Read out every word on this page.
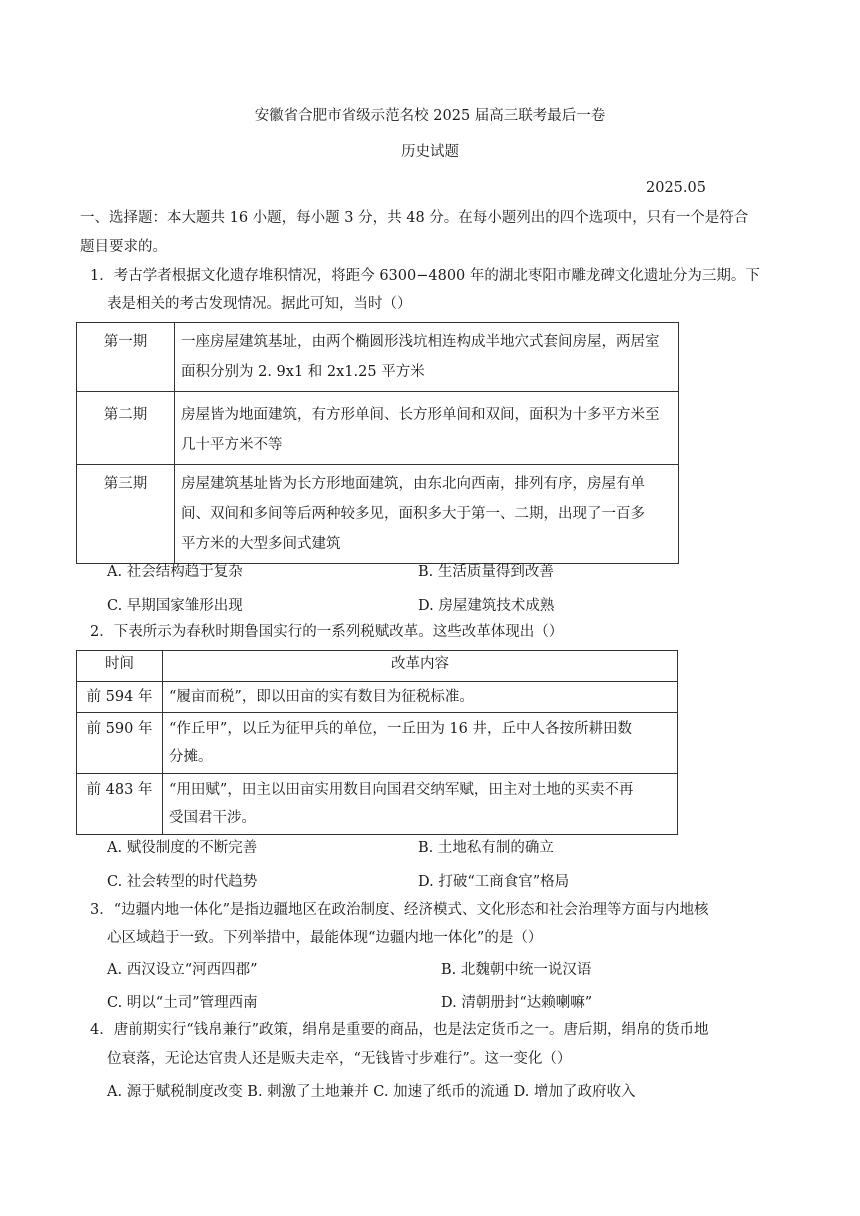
安徽省合肥市省级示范名校 2025 届高三联考最后一卷
历史试题
2025.05
一、选择题：本大题共 16 小题，每小题 3 分，共 48 分。在每小题列出的四个选项中，只有一个是符合
题目要求的。
1．考古学者根据文化遗存堆积情况，将距今 6300−4800 年的湖北枣阳市雕龙碑文化遗址分为三期。下
表是相关的考古发现情况。据此可知，当时（）
第一期	一座房屋建筑基址，由两个椭圆形浅坑相连构成半地穴式套间房屋，两居室
面积分别为 2. 9x1 和 2x1.25 平方米

第二期	房屋皆为地面建筑，有方形单间、长方形单间和双间，面积为十多平方米至
几十平方米不等

第三期	房屋建筑基址皆为长方形地面建筑，由东北向西南，排列有序，房屋有单
间、双间和多间等后两种较多见，面积多大于第一、二期，出现了一百多
平方米的大型多间式建筑
A. 社会结构趋于复杂	B. 生活质量得到改善
C. 早期国家雏形出现	D. 房屋建筑技术成熟
2．下表所示为春秋时期鲁国实行的一系列税赋改革。这些改革体现出（）
时间	改革内容

前 594 年	“履亩而税”，即以田亩的实有数目为征税标准。

前 590 年	“作丘甲”，以丘为征甲兵的单位，一丘田为 16 井，丘中人各按所耕田数
分摊。

前 483 年	“用田赋”，田主以田亩实用数目向国君交纳军赋，田主对土地的买卖不再
受国君干涉。
A. 赋役制度的不断完善	B. 土地私有制的确立
C. 社会转型的时代趋势	D. 打破“工商食官”格局
3．“边疆内地一体化”是指边疆地区在政治制度、经济模式、文化形态和社会治理等方面与内地核
心区域趋于一致。下列举措中，最能体现“边疆内地一体化”的是（）
A. 西汉设立“河西四郡”	B. 北魏朝中统一说汉语
C. 明以“土司”管理西南	D. 清朝册封“达赖喇嘛”
4．唐前期实行“钱帛兼行”政策，绢帛是重要的商品，也是法定货币之一。唐后期，绢帛的货币地
位衰落，无论达官贵人还是贩夫走卒，“无钱皆寸步难行”。这一变化（）
A. 源于赋税制度改变 B. 刺激了土地兼并 C. 加速了纸币的流通 D. 增加了政府收入
